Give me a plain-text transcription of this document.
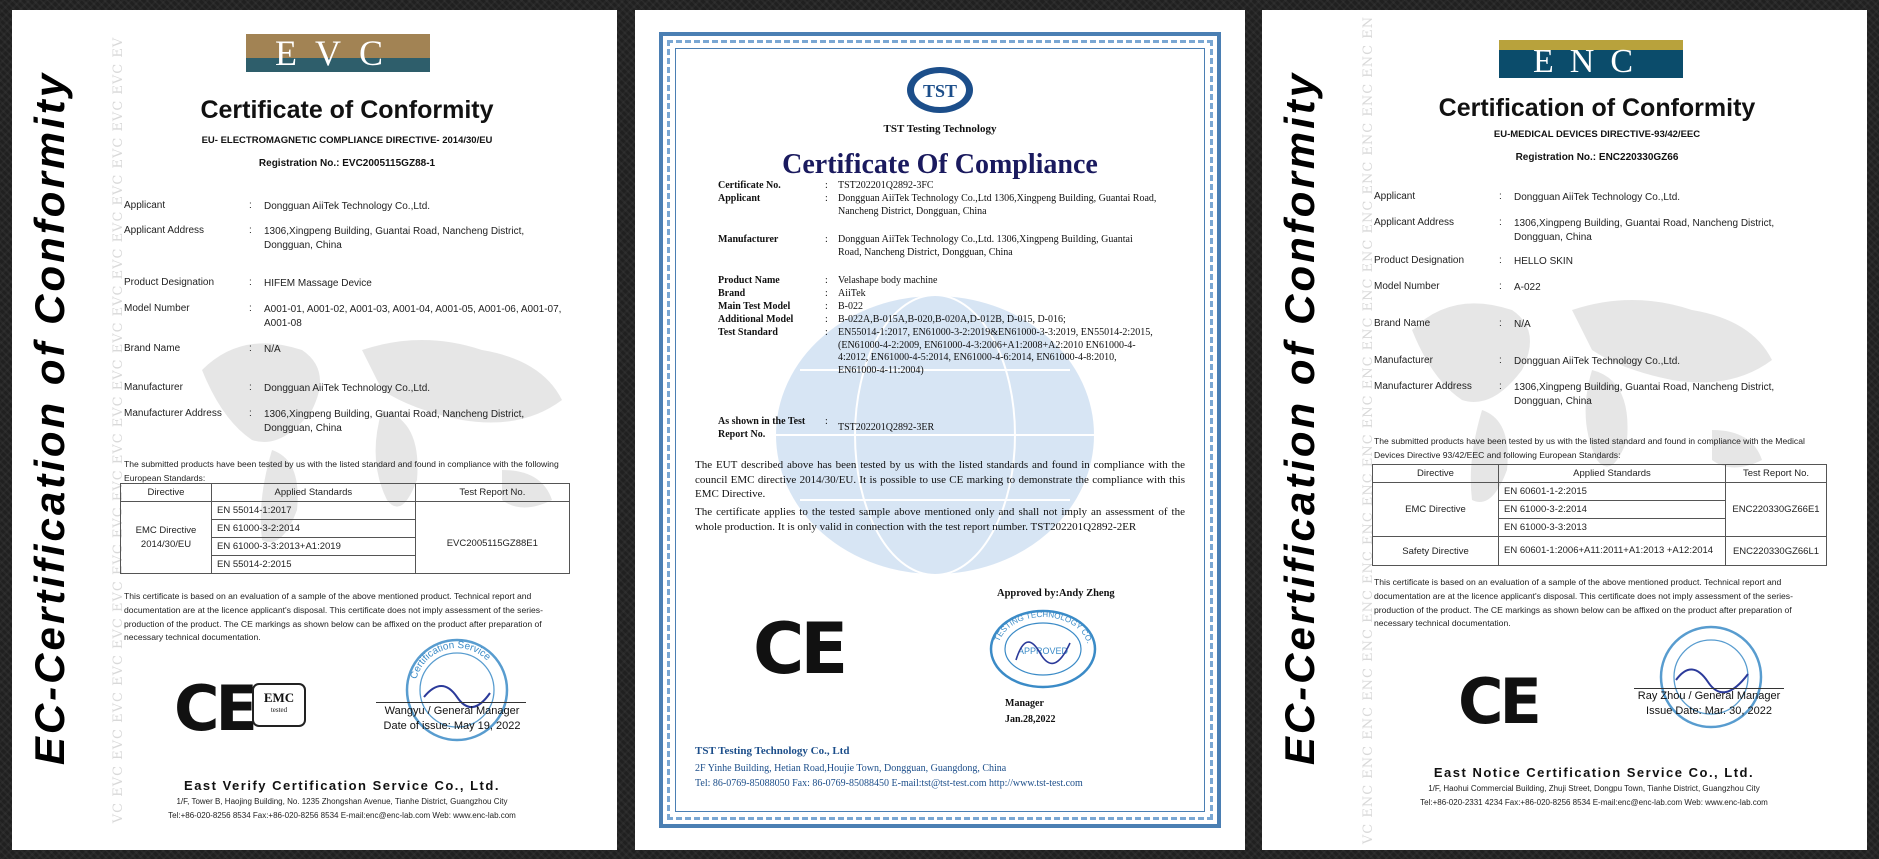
VC EVC EVC EVC EVC EVC EVC EVC EVC EVC EVC EVC EVC EVC EVC EVC EVC EVC EVC EVC EVC EV
EC-Certification of Conformity
EVC
Certificate of Conformity
EU- ELECTROMAGNETIC COMPLIANCE DIRECTIVE- 2014/30/EU
Registration No.: EVC2005115GZ88-1
Applicant	: Dongguan AiiTek Technology Co.,Ltd.
Applicant Address	: 1306,Xingpeng Building, Guantai Road, Nancheng District, Dongguan, China
Product Designation	: HIFEM Massage Device
Model Number	: A001-01, A001-02, A001-03, A001-04, A001-05, A001-06, A001-07, A001-08
Brand Name	: N/A
Manufacturer	: Dongguan AiiTek Technology Co.,Ltd.
Manufacturer Address	: 1306,Xingpeng Building, Guantai Road, Nancheng District, Dongguan, China
The submitted products have been tested by us with the listed standard and found in compliance with the following European Standards:
Directive	Applied Standards	Test Report No.
EMC Directive 2014/30/EU	EN 55014-1:2017	
	EN 61000-3-2:2014	
	EN 61000-3-3:2013+A1:2019	EVC2005115GZ88E1
	EN 55014-2:2015	
This certificate is based on an evaluation of a sample of the above mentioned product. Technical report and documentation are at the licence applicant's disposal. This certificate does not imply assessment of the series-production of the product. The CE markings as shown below can be affixed on the product after preparation of necessary technical documentation.
CE EMC
tested
Certification Service
Wangyu / General Manager
Date of issue: May 19, 2022
East Verify Certification Service Co., Ltd.
1/F, Tower B, Haojing Building, No. 1235 Zhongshan Avenue, Tianhe District, Guangzhou City
Tel:+86-020-8256 8534 Fax:+86-020-8256 8534 E-mail:enc@enc-lab.com Web: www.enc-lab.com
TST
TST Testing Technology
Certificate Of Compliance
Certificate No.	: TST202201Q2892-3FC
Applicant	: Dongguan AiiTek Technology Co.,Ltd 1306,Xingpeng Building, Guantai Road, Nancheng District, Dongguan, China
Manufacturer	: Dongguan AiiTek Technology Co.,Ltd. 1306,Xingpeng Building, Guantai Road, Nancheng District, Dongguan, China
Product Name	: Velashape body machine
Brand	: AiiTek
Main Test Model	: B-022
Additional Model	: B-022A,B-015A,B-020,B-020A,D-012B, D-015, D-016;
Test Standard	: EN55014-1:2017, EN61000-3-2:2019&EN61000-3-3:2019, EN55014-2:2015, (EN61000-4-2:2009, EN61000-4-3:2006+A1:2008+A2:2010 EN61000-4-4:2012, EN61000-4-5:2014, EN61000-4-6:2014, EN61000-4-8:2010, EN61000-4-11:2004)
As shown in the Test Report No.
:
TST202201Q2892-3ER
The EUT described above has been tested by us with the listed standards and found in compliance with the council EMC directive 2014/30/EU. It is possible to use CE marking to demonstrate the compliance with this EMC Directive.
The certificate applies to the tested sample above mentioned only and shall not imply an assessment of the whole production. It is only valid in connection with the test report number. TST202201Q2892-2ER
Approved by:Andy Zheng
TESTING TECHNOLOGY CO.
APPROVED
Manager
Jan.28,2022
CE
TST Testing Technology Co., Ltd
2F Yinhe Building, Hetian Road,Houjie Town, Dongguan, Guangdong, China
Tel: 86-0769-85088050 Fax: 86-0769-85088450 E-mail:tst@tst-test.com http://www.tst-test.com	VC ENC ENC ENC ENC ENC ENC ENC ENC ENC ENC ENC ENC ENC ENC ENC ENC ENC ENC ENC ENC EN
EC-Certification of Conformity
ENC
Certification of Conformity
EU-MEDICAL DEVICES DIRECTIVE-93/42/EEC
Registration No.: ENC220330GZ66
Applicant	: Dongguan AiiTek Technology Co.,Ltd.
Applicant Address	: 1306,Xingpeng Building, Guantai Road, Nancheng District, Dongguan, China
Product Designation	: HELLO SKIN
Model Number	: A-022
Brand Name	: N/A
Manufacturer	: Dongguan AiiTek Technology Co.,Ltd.
Manufacturer Address	: 1306,Xingpeng Building, Guantai Road, Nancheng District, Dongguan, China
The submitted products have been tested by us with the listed standard and found in compliance with the Medical Devices Directive 93/42/EEC and following European Standards:
Directive	Applied Standards	Test Report No.
EMC Directive	EN 60601-1-2:2015	ENC220330GZ66E1
	EN 61000-3-2:2014	
	EN 61000-3-3:2013	
Safety Directive	EN 60601-1:2006+A11:2011+A1:2013 +A12:2014	ENC220330GZ66L1
This certificate is based on an evaluation of a sample of the above mentioned product. Technical report and documentation are at the licence applicant's disposal. This certificate does not imply assessment of the series-production of the product. The CE markings as shown below can be affixed on the product after preparation of necessary technical documentation.
CE	Ray Zhou / General Manager
Issue Date: Mar. 30, 2022
East Notice Certification Service Co., Ltd.
1/F, Haohui Commercial Building, Zhuji Street, Dongpu Town, Tianhe District, Guangzhou City
Tel:+86-020-2331 4234 Fax:+86-020-8256 8534 E-mail:enc@enc-lab.com Web: www.enc-lab.com
